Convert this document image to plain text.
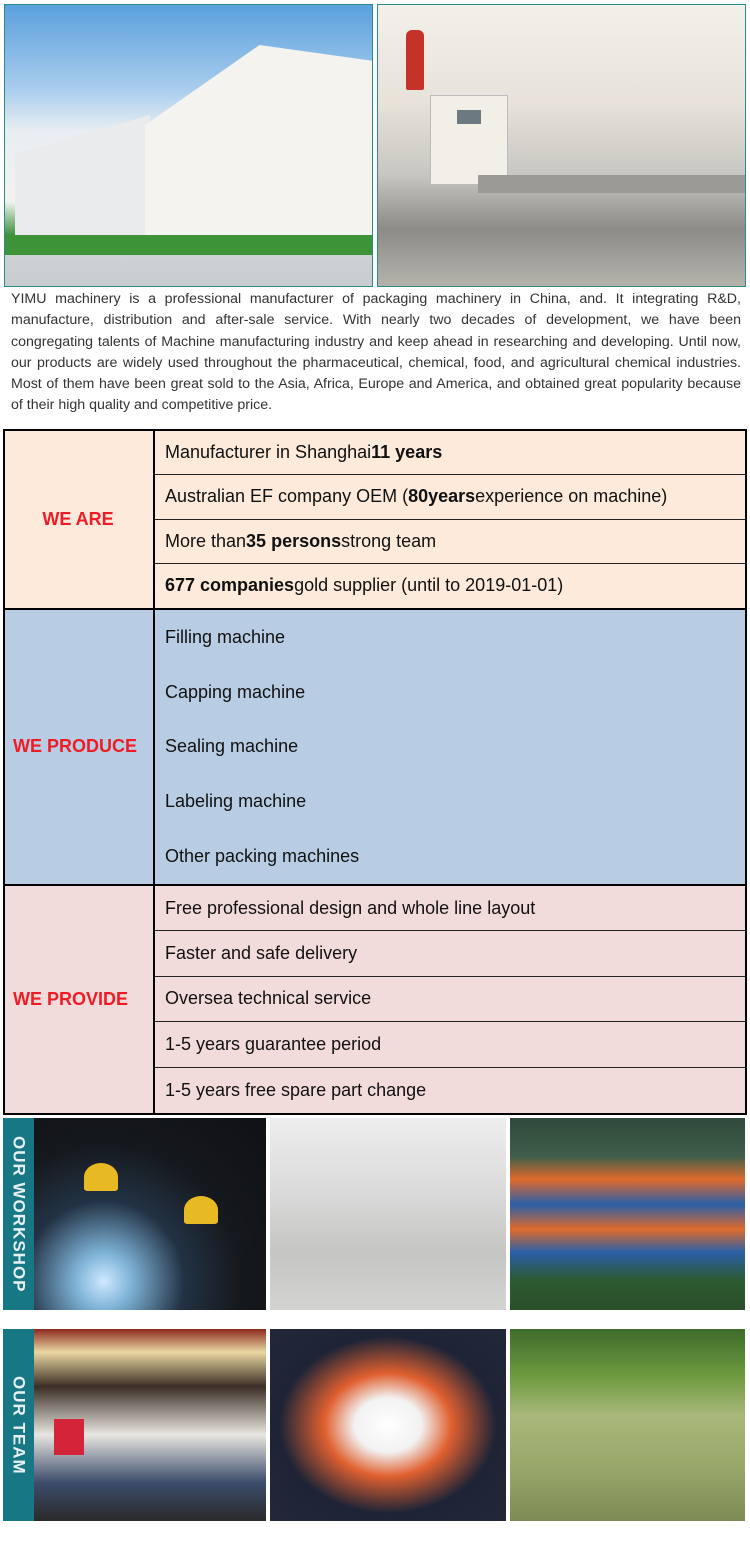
YIMU machinery is a professional manufacturer of packaging machinery in China, and. It integrating R&D, manufacture, distribution and after-sale service. With nearly two decades of development, we have been congregating talents of Machine manufacturing industry and keep ahead in researching and developing. Until now, our products are widely used throughout the pharmaceutical, chemical, food, and agricultural chemical industries. Most of them have been great sold to the Asia, Africa, Europe and America, and obtained great popularity because of their high quality and competitive price.

WE ARE
Manufacturer in Shanghai 11 years
Australian EF company OEM ( 80years experience on machine)
More than 35 persons strong team
677 companies gold supplier (until to 2019-01-01)
WE PRODUCE
Filling machine
Capping machine
Sealing machine
Labeling machine
Other packing machines
WE PROVIDE
Free professional design and whole line layout
Faster and safe delivery
Oversea technical service
1-5 years guarantee period
1-5 years free spare part change
OUR WORKSHOP
OUR TEAM
